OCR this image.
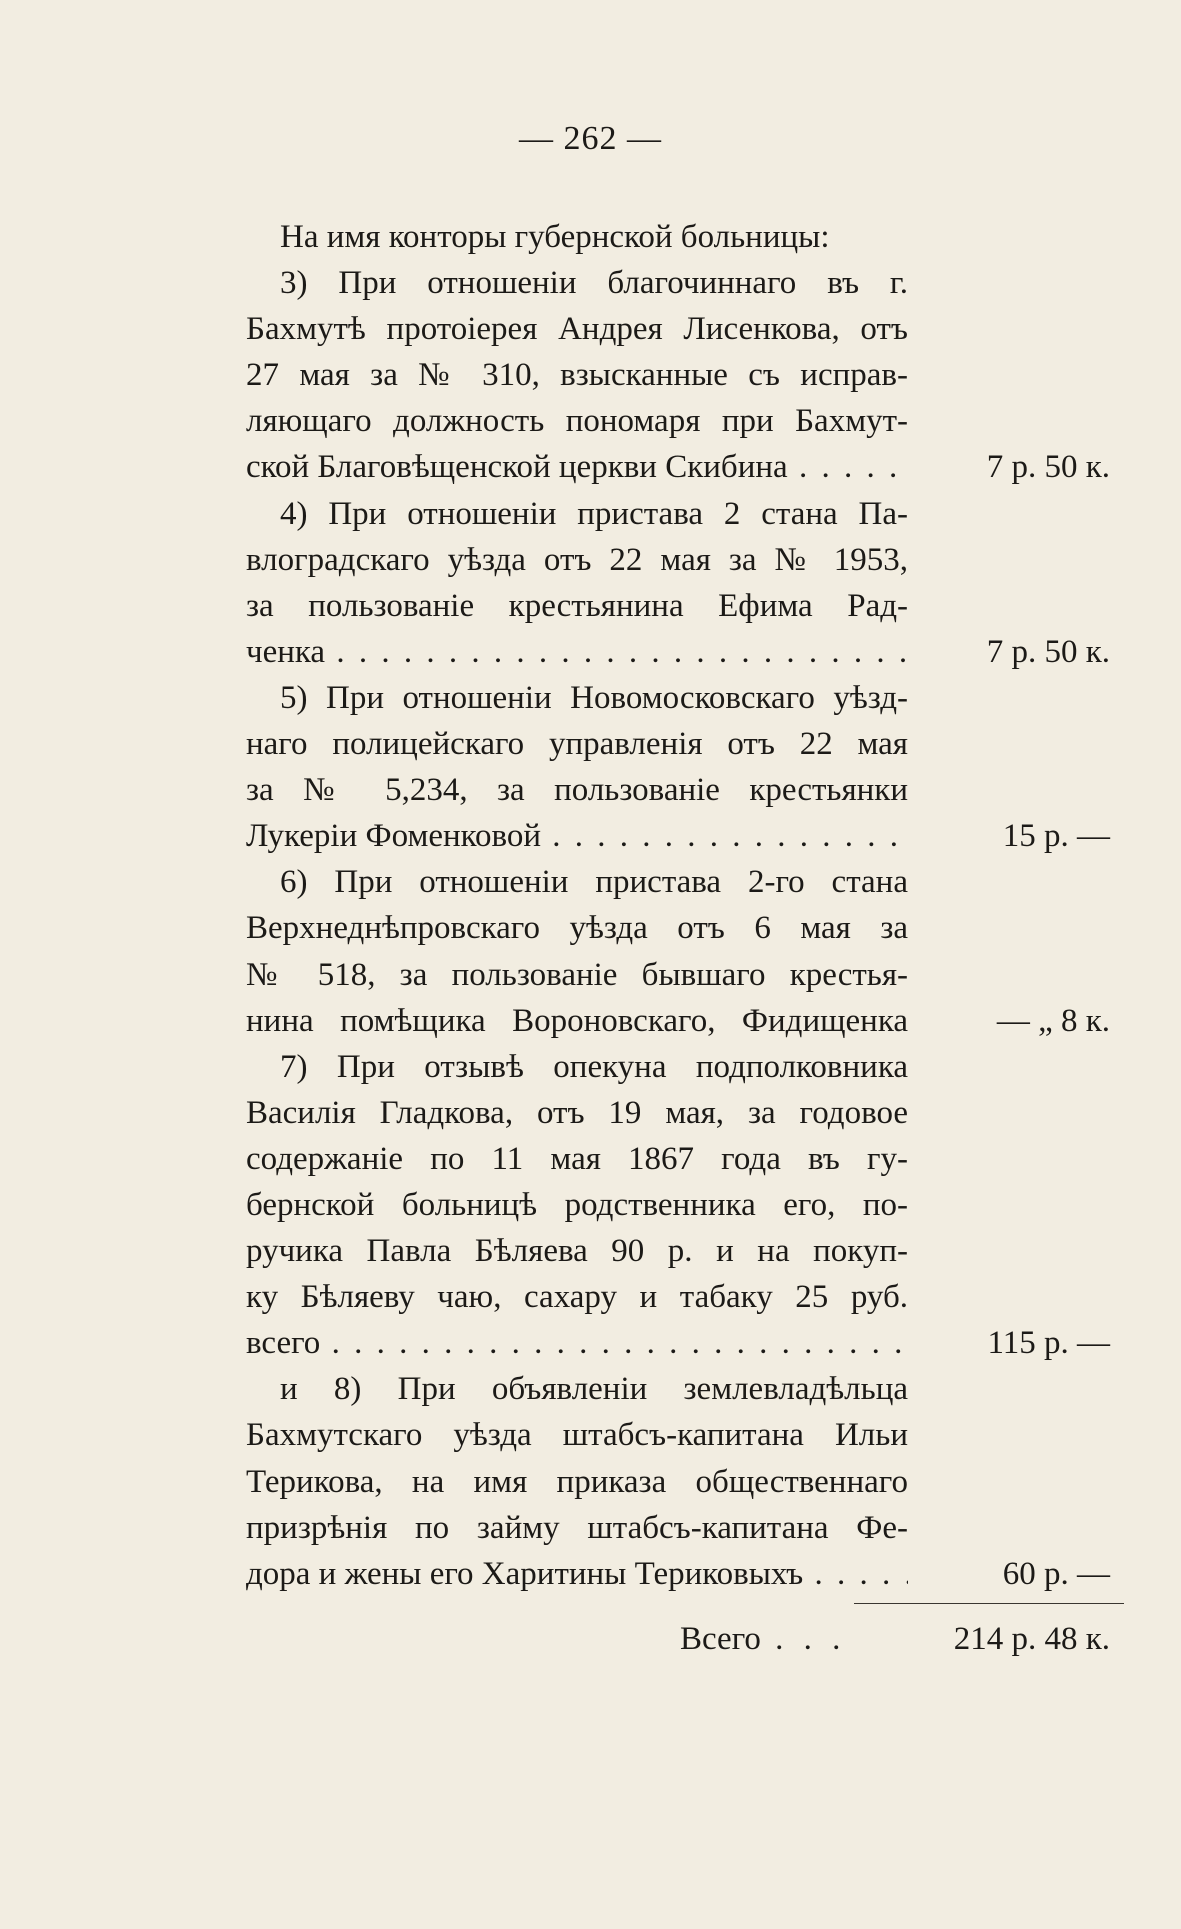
— 262 —
На имя конторы губернской больницы:
3) При отношенiи благочиннаго въ г.
Бахмутѣ протоiерея Андрея Лисенкова, отъ
27 мая за № 310, взысканные съ исправ-
ляющаго должность пономаря при Бахмут-
ской Благовѣщенской церкви Скибина . . .	7 р. 50 к.
4) При отношенiи пристава 2 стана Па-
влоградскаго уѣзда отъ 22 мая за № 1953,
за пользованiе крестьянина Ефима Рад-
ченка . . .	7 р. 50 к.
5) При отношенiи Новомосковскаго уѣзд-
наго полицейскаго управленiя отъ 22 мая
за № 5,234, за пользованiе крестьянки
Лукерiи Фоменковой . . .	15 р. —
6) При отношенiи пристава 2-го стана
Верхнеднѣпровскаго уѣзда отъ 6 мая за
№ 518, за пользованiе бывшаго крестья-
нина помѣщика Вороновскаго, Фидищенка	— „ 8 к.
7) При отзывѣ опекуна подполковника
Василiя Гладкова, отъ 19 мая, за годовое
содержанiе по 11 мая 1867 года въ гу-
бернской больницѣ родственника его, по-
ручика Павла Бѣляева 90 р. и на покуп-
ку Бѣляеву чаю, сахару и табаку 25 руб.
всего . . .	115 р. —
и 8) При объявленiи землевладѣльца
Бахмутскаго уѣзда штабсъ-капитана Ильи
Терикова, на имя приказа общественнаго
призрѣнiя по займу штабсъ-капитана Фе-
дора и жены его Харитины Териковыхъ . . .	60 р. —
Всего . . .	214 р. 48 к.
